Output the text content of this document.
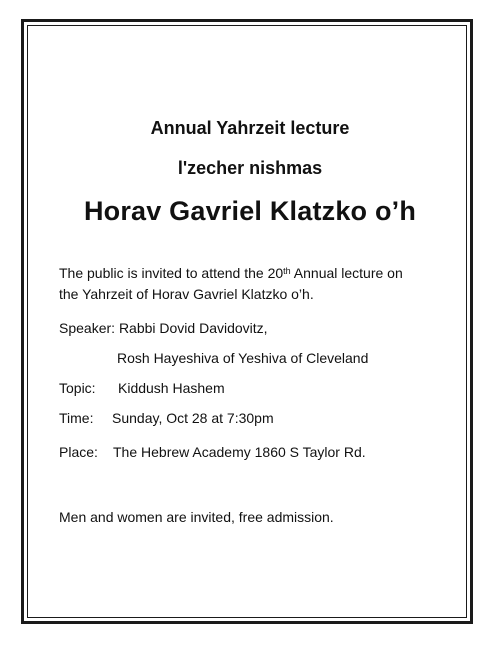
Annual Yahrzeit lecture
l'zecher nishmas
Horav Gavriel Klatzko o’h
The public is invited to attend the 20th Annual lecture on
the Yahrzeit of Horav Gavriel Klatzko o’h.
Speaker: Rabbi Dovid Davidovitz,
Rosh Hayeshiva of Yeshiva of Cleveland
Topic: Kiddush Hashem
Time: Sunday, Oct 28 at 7:30pm
Place: The Hebrew Academy 1860 S Taylor Rd.
Men and women are invited, free admission.
